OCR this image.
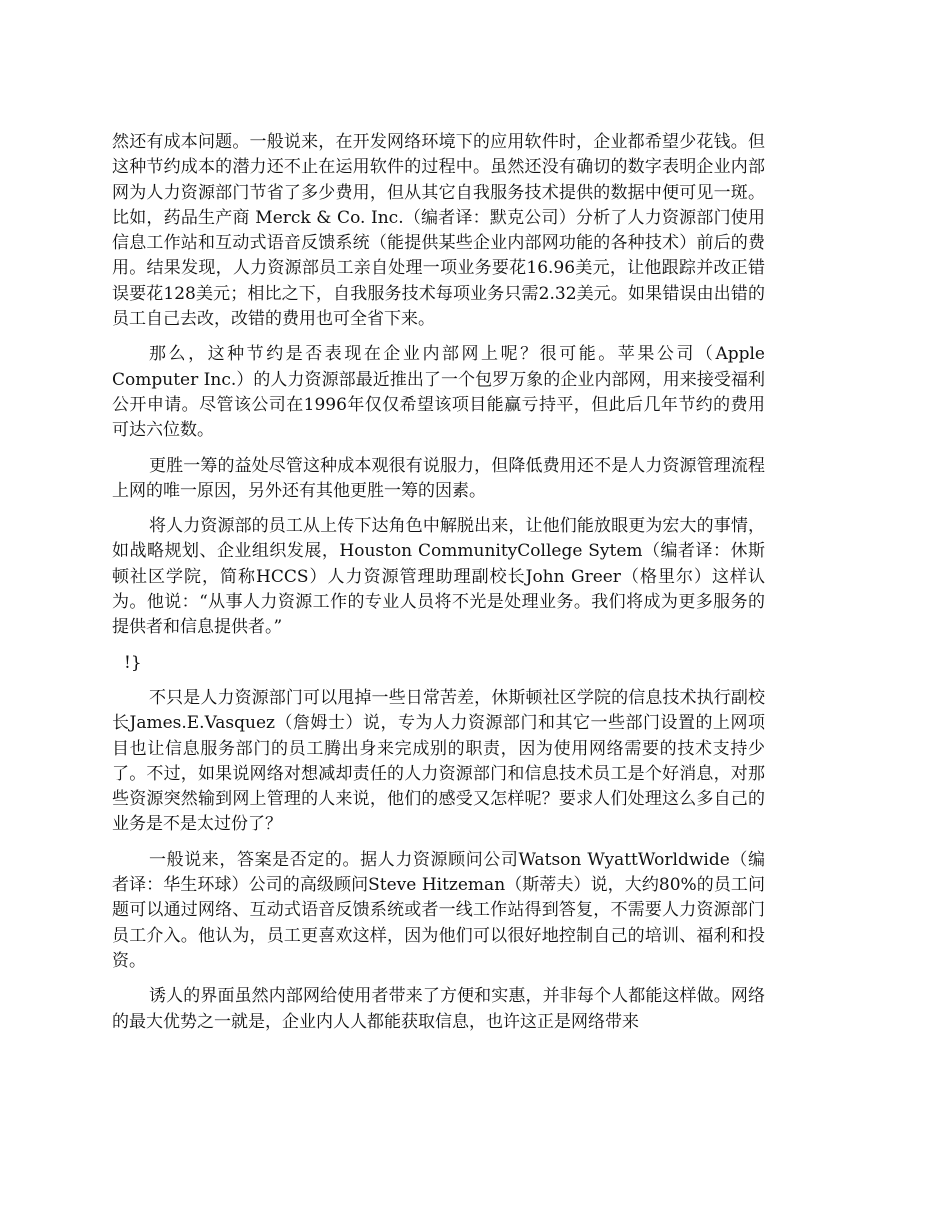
然还有成本问题。一般说来，在开发网络环境下的应用软件时，企业都希望少花钱。但这种节约成本的潜力还不止在运用软件的过程中。虽然还没有确切的数字表明企业内部网为人力资源部门节省了多少费用，但从其它自我服务技术提供的数据中便可见一斑。比如，药品生产商 Merck & Co. Inc.（编者译：默克公司）分析了人力资源部门使用信息工作站和互动式语音反馈系统（能提供某些企业内部网功能的各种技术）前后的费用。结果发现，人力资源部员工亲自处理一项业务要花16.96美元，让他跟踪并改正错误要花128美元；相比之下，自我服务技术每项业务只需2.32美元。如果错误由出错的员工自己去改，改错的费用也可全省下来。

那么，这种节约是否表现在企业内部网上呢？很可能。苹果公司（Apple Computer Inc.）的人力资源部最近推出了一个包罗万象的企业内部网，用来接受福利公开申请。尽管该公司在1996年仅仅希望该项目能赢亏持平，但此后几年节约的费用可达六位数。

更胜一筹的益处尽管这种成本观很有说服力，但降低费用还不是人力资源管理流程上网的唯一原因，另外还有其他更胜一筹的因素。

将人力资源部的员工从上传下达角色中解脱出来，让他们能放眼更为宏大的事情，如战略规划、企业组织发展，Houston CommunityCollege Sytem（编者译：休斯顿社区学院，简称HCCS）人力资源管理助理副校长John Greer（格里尔）这样认为。他说：“从事人力资源工作的专业人员将不光是处理业务。我们将成为更多服务的提供者和信息提供者。”

!}

不只是人力资源部门可以甩掉一些日常苦差，休斯顿社区学院的信息技术执行副校长James.E.Vasquez（詹姆士）说，专为人力资源部门和其它一些部门设置的上网项目也让信息服务部门的员工腾出身来完成别的职责，因为使用网络需要的技术支持少了。不过，如果说网络对想减却责任的人力资源部门和信息技术员工是个好消息，对那些资源突然输到网上管理的人来说，他们的感受又怎样呢？要求人们处理这么多自己的业务是不是太过份了？

一般说来，答案是否定的。据人力资源顾问公司Watson WyattWorldwide（编者译：华生环球）公司的高级顾问Steve Hitzeman（斯蒂夫）说，大约80%的员工问题可以通过网络、互动式语音反馈系统或者一线工作站得到答复，不需要人力资源部门员工介入。他认为，员工更喜欢这样，因为他们可以很好地控制自己的培训、福利和投资。

诱人的界面虽然内部网给使用者带来了方便和实惠，并非每个人都能这样做。网络的最大优势之一就是，企业内人人都能获取信息，也许这正是网络带来
